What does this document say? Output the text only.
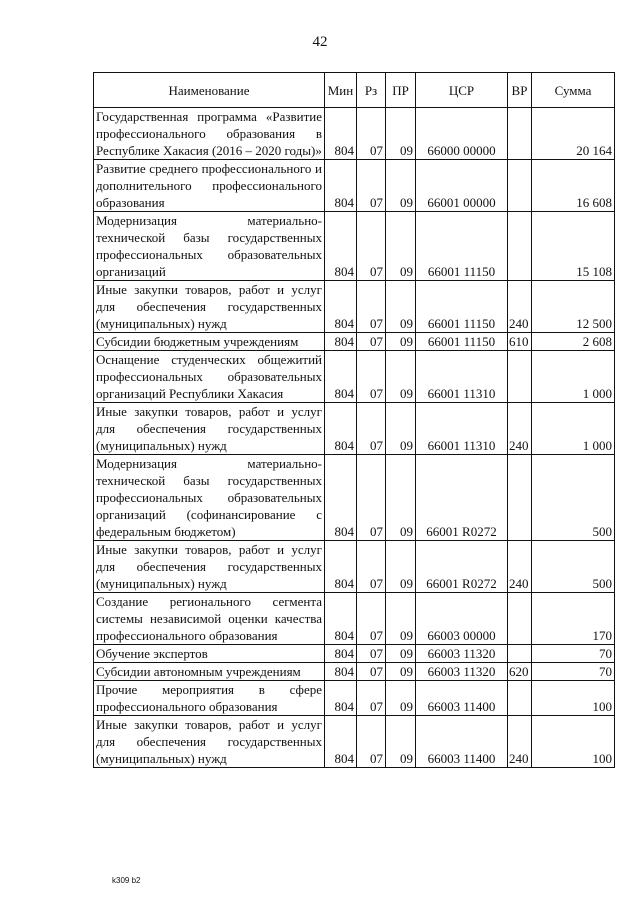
42
Наименование	Мин	Рз	ПР	ЦСР	ВР	Сумма
Государственная программа «Развитие профессионального образования в Республике Хакасия (2016 – 2020 годы)»	804	07	09	66000 00000		20 164
Развитие среднего профессионального и дополнительного профессионального образования	804	07	09	66001 00000		16 608
Модернизация материально-технической базы государственных профессиональных образовательных организаций	804	07	09	66001 11150		15 108
Иные закупки товаров, работ и услуг для обеспечения государственных (муниципальных) нужд	804	07	09	66001 11150	240	12 500
Субсидии бюджетным учреждениям	804	07	09	66001 11150	610	2 608
Оснащение студенческих общежитий профессиональных образовательных организаций Республики Хакасия	804	07	09	66001 11310		1 000
Иные закупки товаров, работ и услуг для обеспечения государственных (муниципальных) нужд	804	07	09	66001 11310	240	1 000
Модернизация материально-технической базы государственных профессиональных образовательных организаций (софинансирование с федеральным бюджетом)	804	07	09	66001 R0272		500
Иные закупки товаров, работ и услуг для обеспечения государственных (муниципальных) нужд	804	07	09	66001 R0272	240	500
Создание регионального сегмента системы независимой оценки качества профессионального образования	804	07	09	66003 00000		170
Обучение экспертов	804	07	09	66003 11320		70
Субсидии автономным учреждениям	804	07	09	66003 11320	620	70
Прочие мероприятия в сфере профессионального образования	804	07	09	66003 11400		100
Иные закупки товаров, работ и услуг для обеспечения государственных (муниципальных) нужд	804	07	09	66003 11400	240	100
k309 b2
